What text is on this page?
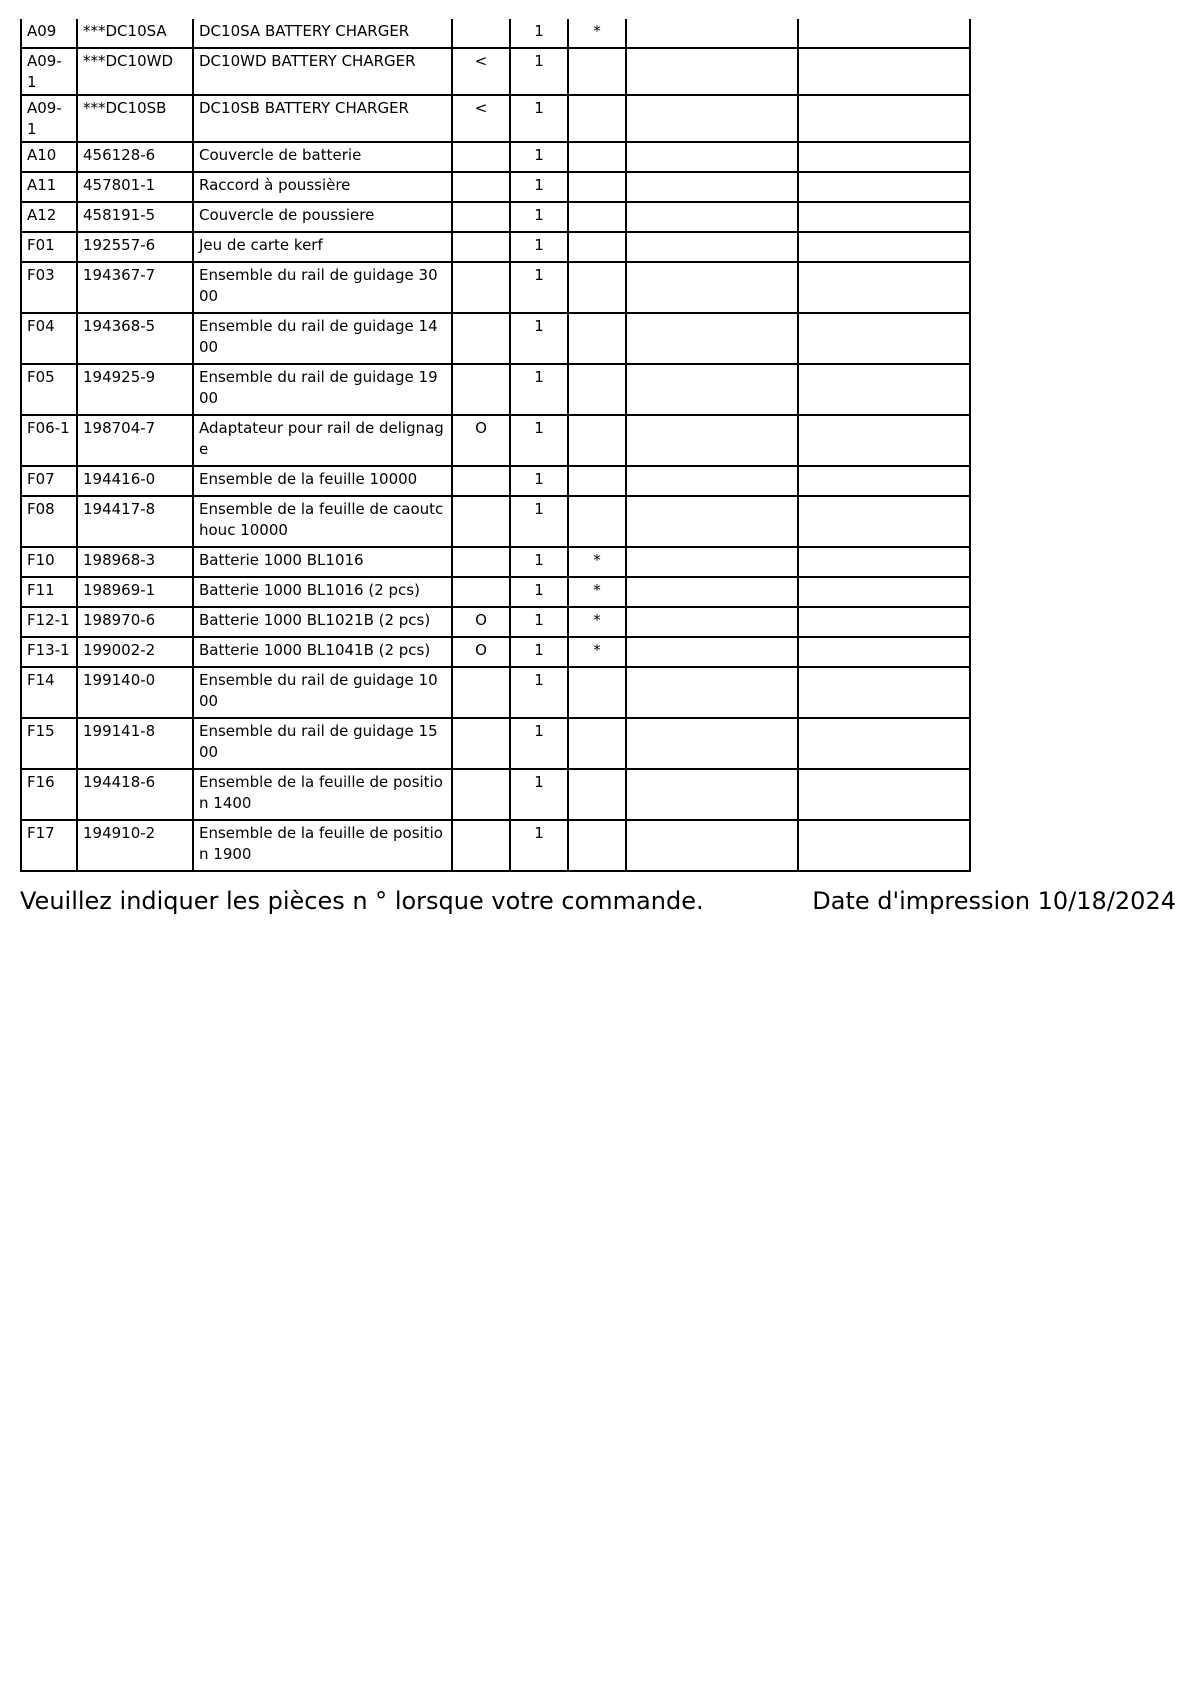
A09	***DC10SA	DC10SA BATTERY CHARGER		1	*		
A09-1	***DC10WD	DC10WD BATTERY CHARGER	<	1			
A09-1	***DC10SB	DC10SB BATTERY CHARGER	<	1			
A10	456128-6	Couvercle de batterie		1			
A11	457801-1	Raccord à poussière		1			
A12	458191-5	Couvercle de poussiere		1			
F01	192557-6	Jeu de carte kerf		1			
F03	194367-7	Ensemble du rail de guidage 3000		1			
F04	194368-5	Ensemble du rail de guidage 1400		1			
F05	194925-9	Ensemble du rail de guidage 1900		1			
F06-1	198704-7	Adaptateur pour rail de delignage	O	1			
F07	194416-0	Ensemble de la feuille 10000		1			
F08	194417-8	Ensemble de la feuille de caoutchouc 10000		1			
F10	198968-3	Batterie 1000 BL1016		1	*		
F11	198969-1	Batterie 1000 BL1016 (2 pcs)		1	*		
F12-1	198970-6	Batterie 1000 BL1021B (2 pcs)	O	1	*		
F13-1	199002-2	Batterie 1000 BL1041B (2 pcs)	O	1	*		
F14	199140-0	Ensemble du rail de guidage 1000		1			
F15	199141-8	Ensemble du rail de guidage 1500		1			
F16	194418-6	Ensemble de la feuille de position 1400		1			
F17	194910-2	Ensemble de la feuille de position 1900		1			
Veuillez indiquer les pièces n ° lorsque votre commande.	Date d'impression 10/18/2024
